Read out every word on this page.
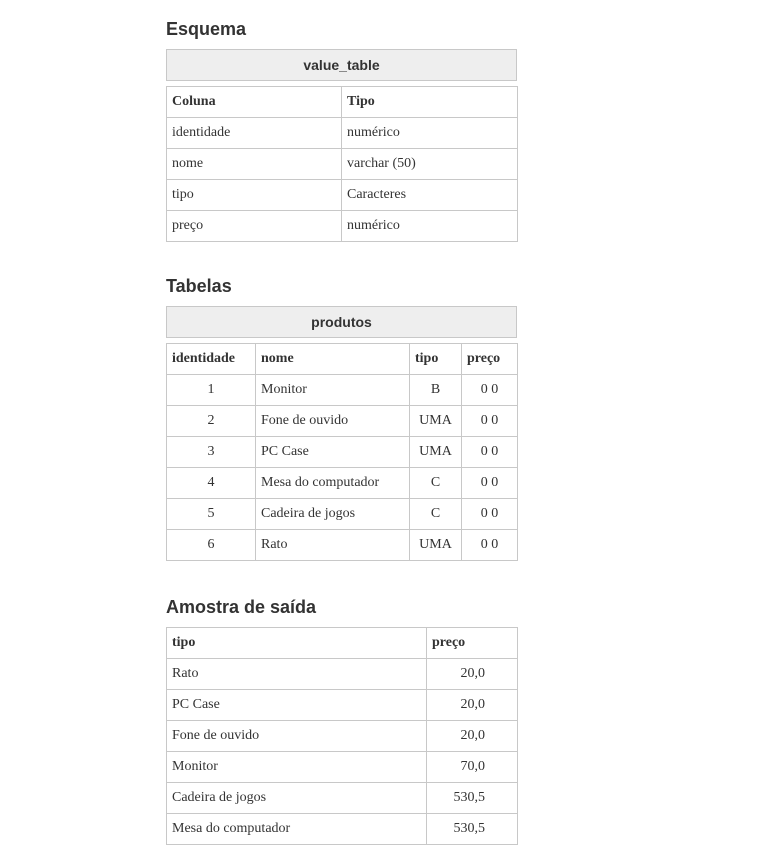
Esquema
value_table
Coluna	Tipo
identidade	numérico
nome	varchar (50)
tipo	Caracteres
preço	numérico
Tabelas
produtos
identidade	nome	tipo	preço
1	Monitor	B	0 0
2	Fone de ouvido	UMA	0 0
3	PC Case	UMA	0 0
4	Mesa do computador	C	0 0
5	Cadeira de jogos	C	0 0
6	Rato	UMA	0 0
Amostra de saída
tipo	preço
Rato	20,0
PC Case	20,0
Fone de ouvido	20,0
Monitor	70,0
Cadeira de jogos	530,5
Mesa do computador	530,5
